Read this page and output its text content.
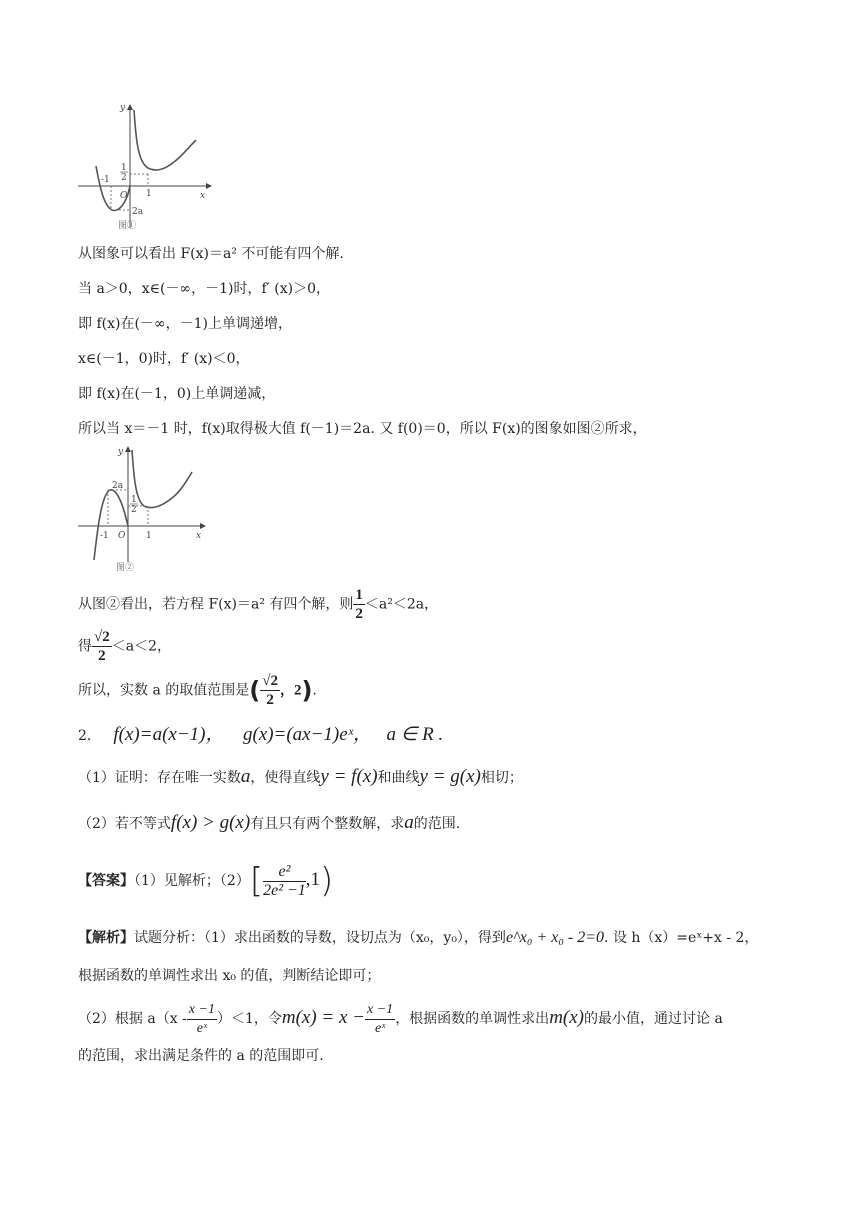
y
x
1
2
-1
O 1
2a
图①
从图象可以看出 F(x)＝a² 不可能有四个解.
当 a＞0，x∈(－∞，－1)时，f′ (x)＞0，
即 f(x)在(－∞，－1)上单调递增，
x∈(－1，0)时，f′ (x)＜0，
即 f(x)在(－1，0)上单调递减，
所以当 x＝－1 时，f(x)取得极大值 f(－1)＝2a. 又 f(0)＝0，所以 F(x)的图象如图②所求，
y
x
2a
1
2
-1 O 1
图②
从图②看出，若方程 F(x)＝a² 有四个解，则 $\frac{1}{2} <a^2<2a$，
得 $\frac{√2}{2} <a<2$，
所以，实数 a 的取值范围是( $\frac{√2}{2}$ ，2).
2． f(x)=a(x−1)， g(x)=(ax−1)eˣ， a ∈ R .
（1）证明：存在唯一实数a，使得直线y = f(x)和曲线y = g(x)相切；
（2）若不等式f(x) > g(x)有且只有两个整数解，求a的范围.
【答案】（1）见解析；$(2)[ \frac{\text{e²}}{\text{2e² −1}} ,1)$
【解析】试题分析：（1）求出函数的导数，设切点为（x₀，y₀），得到e^x₀ + x₀ - 2=0. 设 h（x）=eˣ+x - 2，
根据函数的单调性求出 x₀ 的值，判断结论即可；
（2）根据 $a(x - \frac{x -1}{\text{eˣ}} )<1$，令$m(x) = x - \frac{x -1}{\text{eˣ}}$ ，根据函数的单调性求出m(x)的最小值，通过讨论 a
的范围，求出满足条件的 a 的范围即可.
